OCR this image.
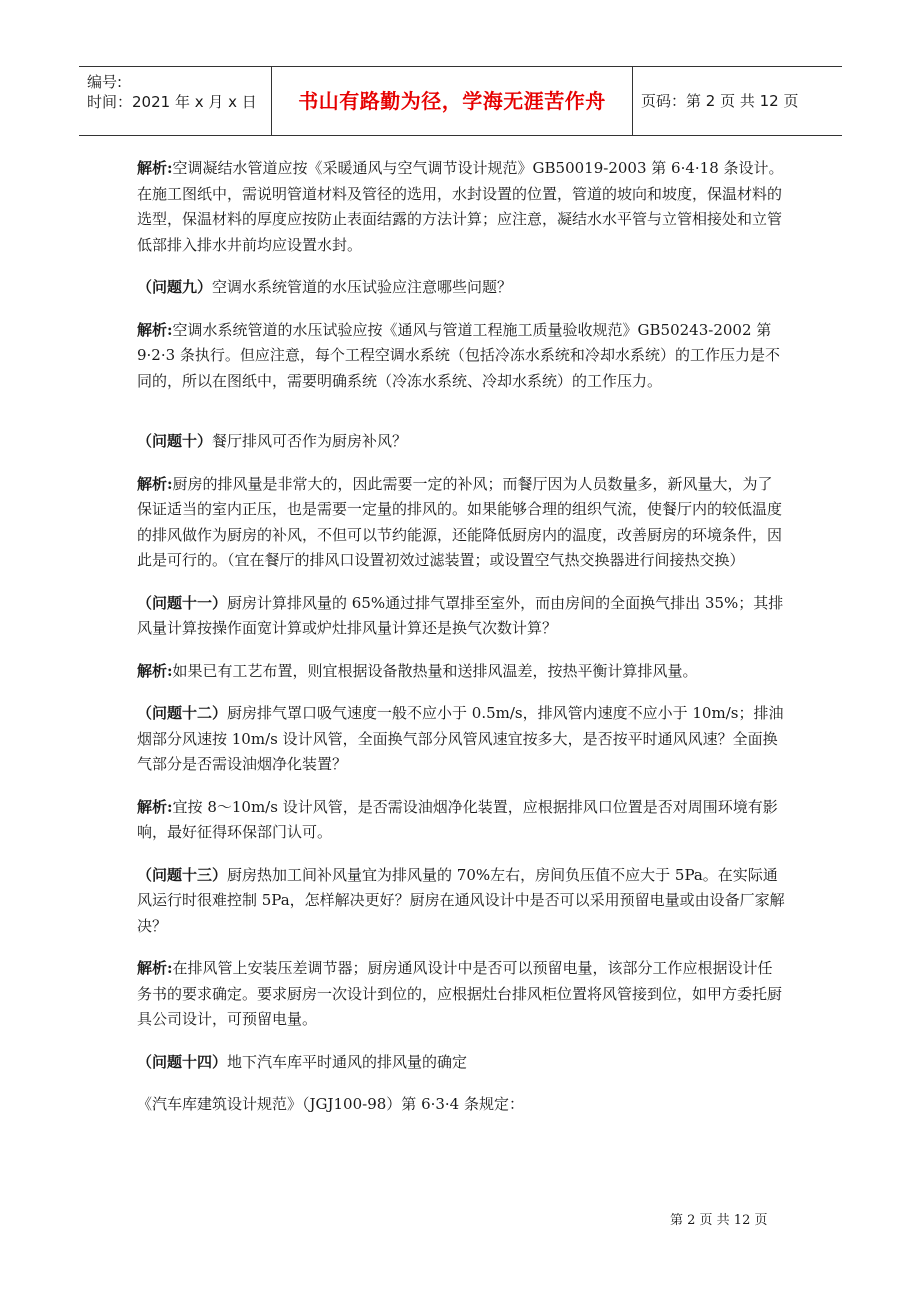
编号:
时间：2021 年 x 月 x 日	书山有路勤为径，学海无涯苦作舟	页码：第 2 页 共 12 页

解析:空调凝结水管道应按《采暖通风与空气调节设计规范》GB50019-2003 第 6·4·18 条设计。在施工图纸中，需说明管道材料及管径的选用，水封设置的位置，管道的坡向和坡度，保温材料的选型，保温材料的厚度应按防止表面结露的方法计算；应注意，凝结水水平管与立管相接处和立管低部排入排水井前均应设置水封。

（问题九）空调水系统管道的水压试验应注意哪些问题？

解析:空调水系统管道的水压试验应按《通风与管道工程施工质量验收规范》GB50243-2002 第 9·2·3 条执行。但应注意，每个工程空调水系统（包括冷冻水系统和冷却水系统）的工作压力是不同的，所以在图纸中，需要明确系统（冷冻水系统、冷却水系统）的工作压力。

（问题十）餐厅排风可否作为厨房补风？

解析:厨房的排风量是非常大的，因此需要一定的补风；而餐厅因为人员数量多，新风量大，为了保证适当的室内正压，也是需要一定量的排风的。如果能够合理的组织气流，使餐厅内的较低温度的排风做作为厨房的补风，不但可以节约能源，还能降低厨房内的温度，改善厨房的环境条件，因此是可行的。（宜在餐厅的排风口设置初效过滤装置；或设置空气热交换器进行间接热交换）

（问题十一）厨房计算排风量的 65%通过排气罩排至室外，而由房间的全面换气排出 35%；其排风量计算按操作面宽计算或炉灶排风量计算还是换气次数计算？

解析:如果已有工艺布置，则宜根据设备散热量和送排风温差，按热平衡计算排风量。

（问题十二）厨房排气罩口吸气速度一般不应小于 0.5m/s，排风管内速度不应小于 10m/s；排油烟部分风速按 10m/s 设计风管，全面换气部分风管风速宜按多大，是否按平时通风风速？全面换气部分是否需设油烟净化装置？

解析:宜按 8～10m/s 设计风管，是否需设油烟净化装置，应根据排风口位置是否对周围环境有影响，最好征得环保部门认可。

（问题十三）厨房热加工间补风量宜为排风量的 70%左右，房间负压值不应大于 5Pa。在实际通风运行时很难控制 5Pa，怎样解决更好？厨房在通风设计中是否可以采用预留电量或由设备厂家解决？

解析:在排风管上安装压差调节器；厨房通风设计中是否可以预留电量，该部分工作应根据设计任务书的要求确定。要求厨房一次设计到位的，应根据灶台排风柜位置将风管接到位，如甲方委托厨具公司设计，可预留电量。

（问题十四）地下汽车库平时通风的排风量的确定

《汽车库建筑设计规范》（JGJ100-98）第 6·3·4 条规定：

第 2 页 共 12 页
